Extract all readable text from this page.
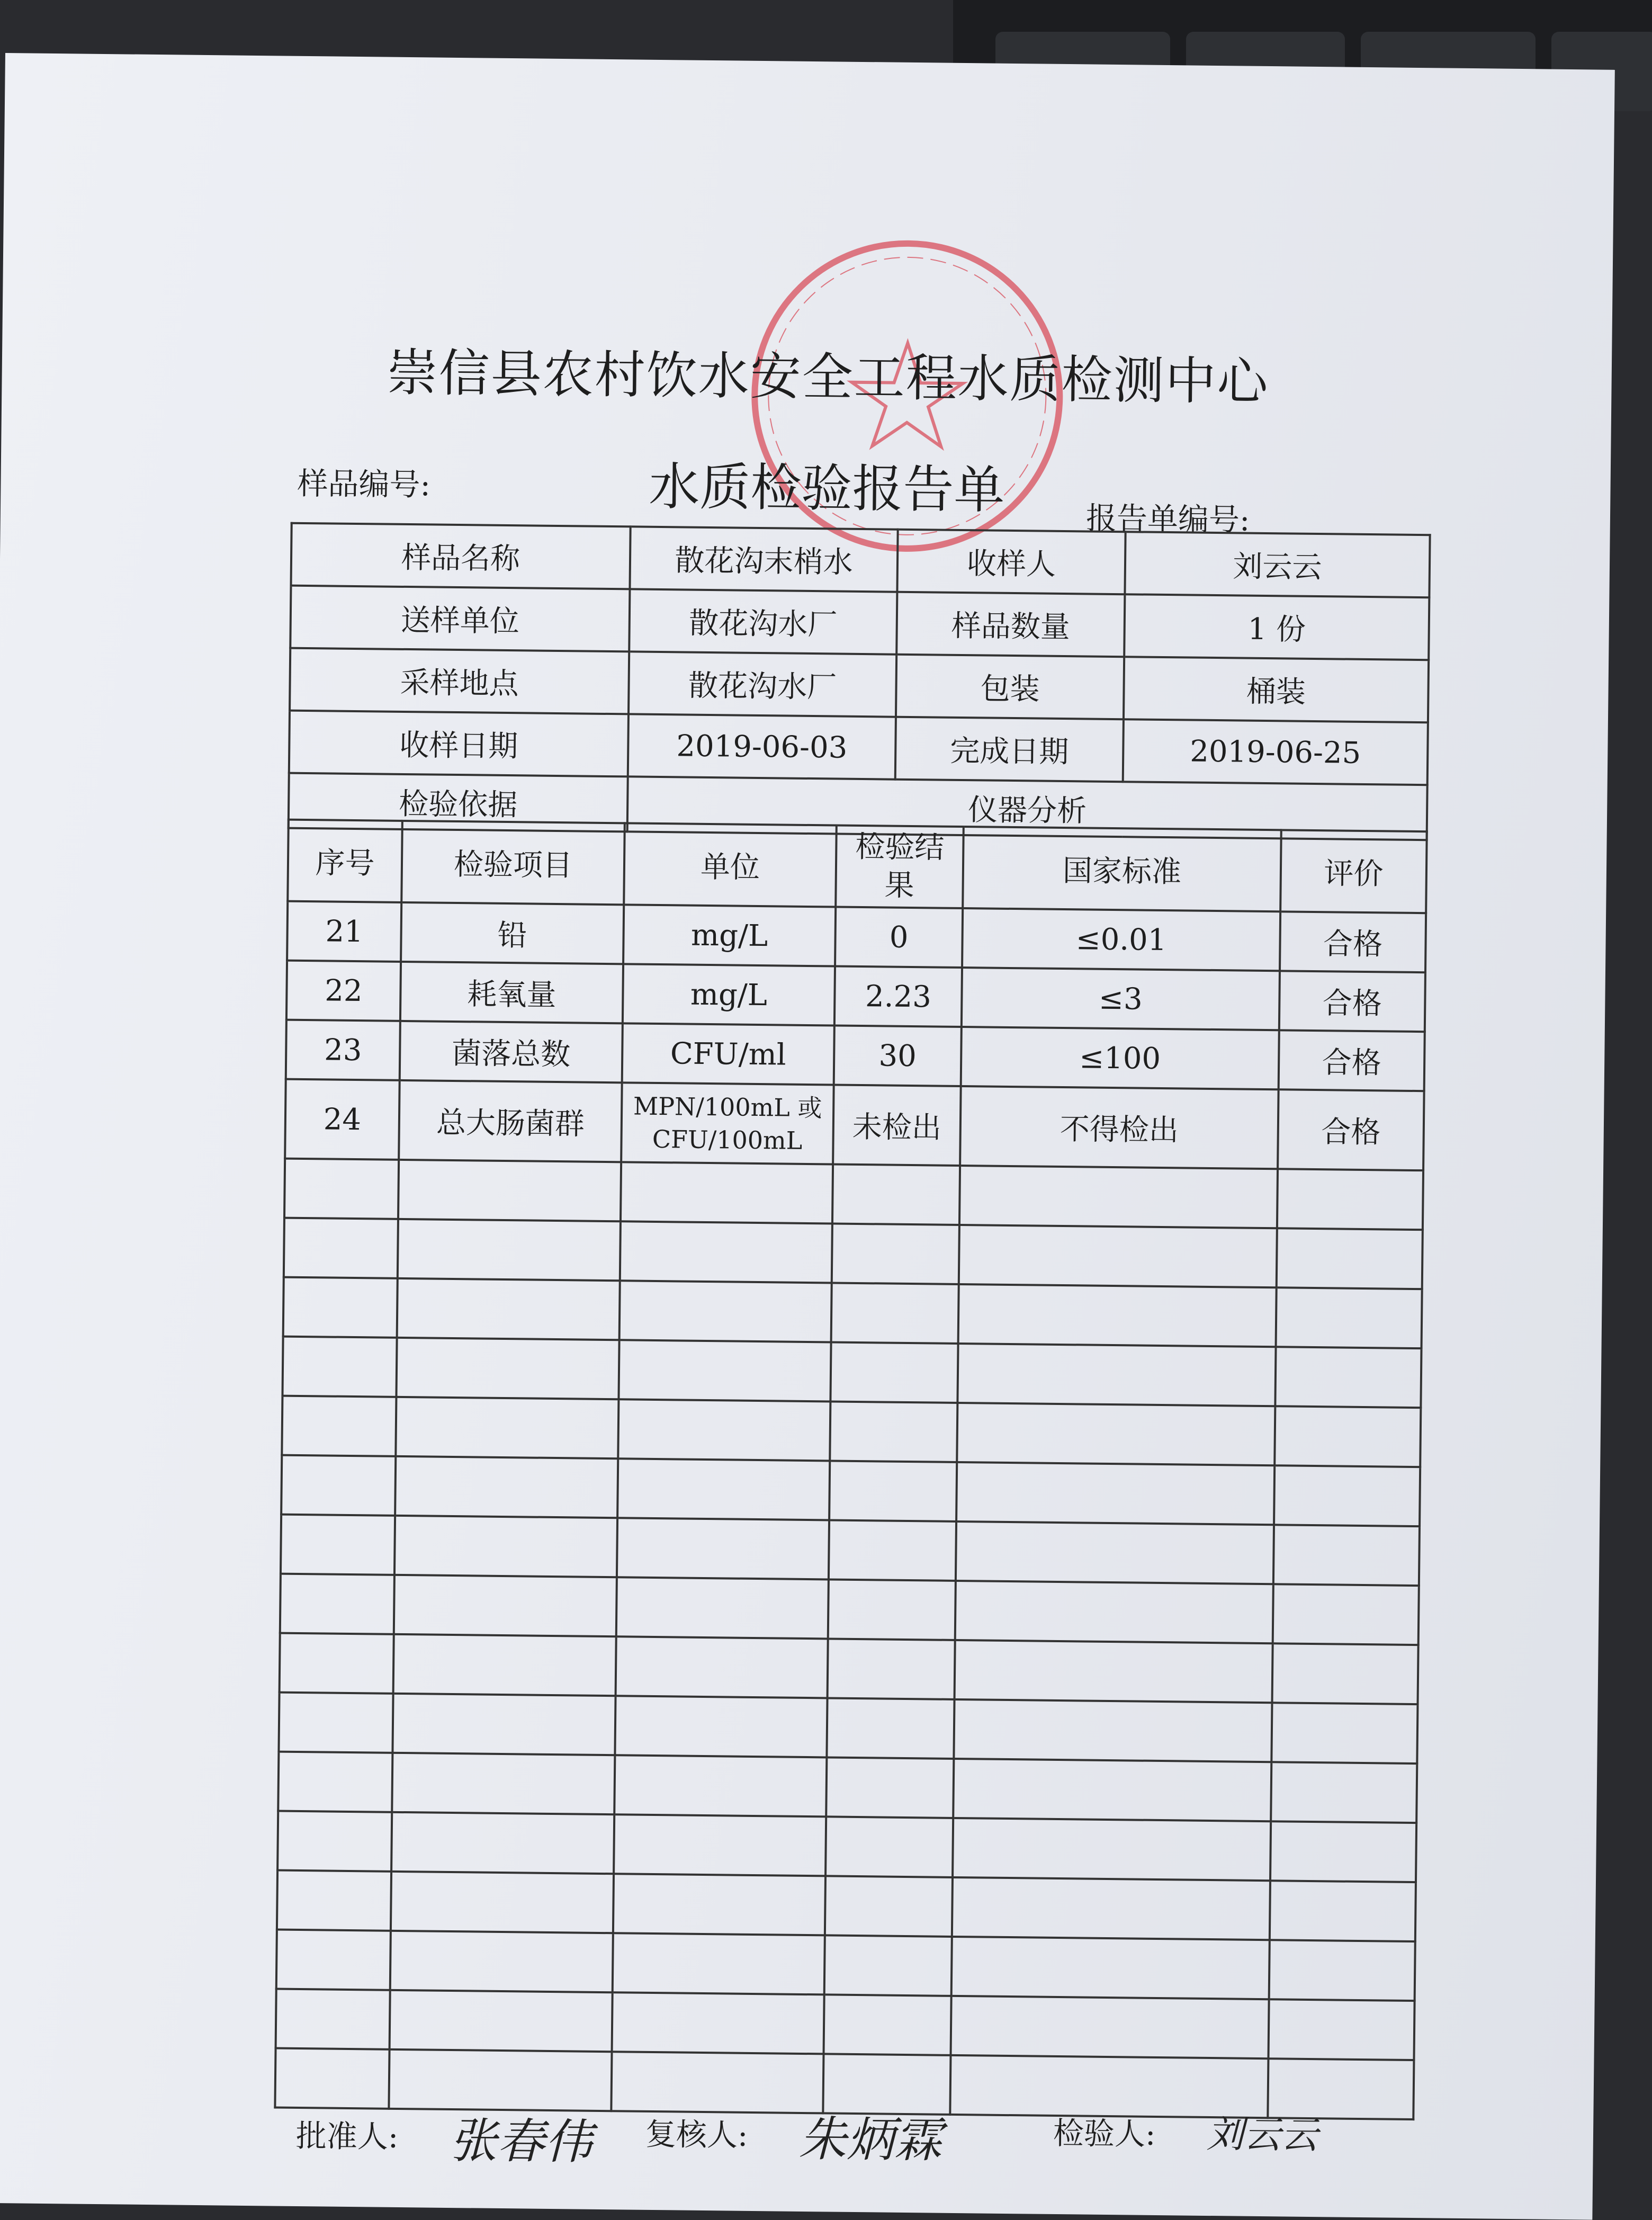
崇信县农村饮水安全工程水质检测中心
水质检验报告单
样品编号:
报告单编号:
样品名称	散花沟末梢水	收样人	刘云云
送样单位	散花沟水厂	样品数量	1 份
采样地点	散花沟水厂	包装	桶装
收样日期	2019-06-03	完成日期	2019-06-25
检验依据	仪器分析		
序号	检验项目	单位	检验结果	国家标准	评价
21	铅	mg/L	0	≤0.01	合格
22	耗氧量	mg/L	2.23	≤3	合格
23	菌落总数	CFU/ml	30	≤100	合格
24	总大肠菌群	MPN/100mL 或 CFU/100mL	未检出	不得检出	合格

批准人: 张春伟 复核人: 朱炳霖	检验人: 刘云云
